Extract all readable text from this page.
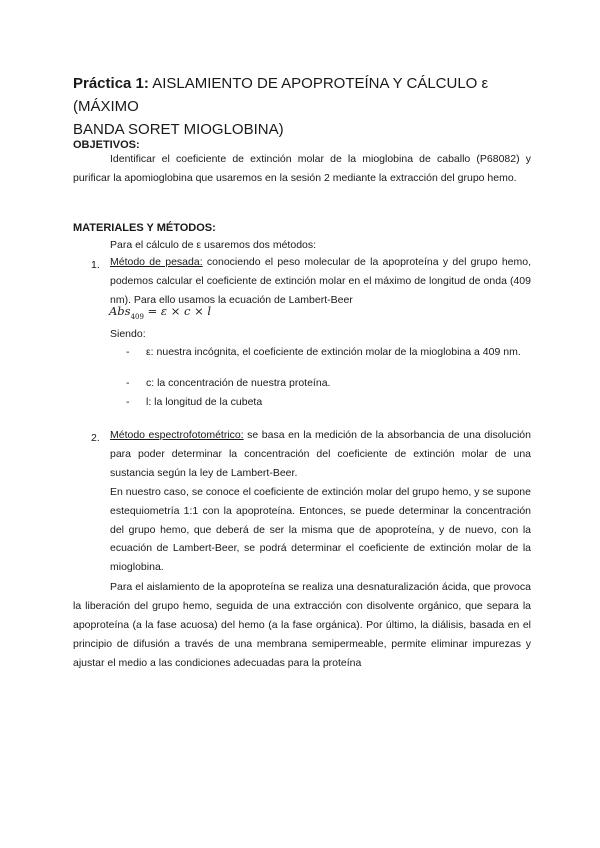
Práctica 1: AISLAMIENTO DE APOPROTEÍNA Y CÁLCULO ε (MÁXIMO
BANDA SORET MIOGLOBINA)
OBJETIVOS:
Identificar el coeficiente de extinción molar de la mioglobina de caballo (P68082) y purificar la apomioglobina que usaremos en la sesión 2 mediante la extracción del grupo hemo.
MATERIALES Y MÉTODOS:
Para el cálculo de ε usaremos dos métodos:
1. Método de pesada: conociendo el peso molecular de la apoproteína y del grupo hemo, podemos calcular el coeficiente de extinción molar en el máximo de longitud de onda (409 nm). Para ello usamos la ecuación de Lambert-Beer
Abs$_{409}$ = ε × c × l
Siendo:
- ε: nuestra incógnita, el coeficiente de extinción molar de la mioglobina a 409 nm.
- c: la concentración de nuestra proteína.
- l: la longitud de la cubeta
2. Método espectrofotométrico: se basa en la medición de la absorbancia de una disolución para poder determinar la concentración del coeficiente de extinción molar de una sustancia según la ley de Lambert-Beer.
En nuestro caso, se conoce el coeficiente de extinción molar del grupo hemo, y se supone estequiometría 1:1 con la apoproteína. Entonces, se puede determinar la concentración del grupo hemo, que deberá de ser la misma que de apoproteína, y de nuevo, con la ecuación de Lambert-Beer, se podrá determinar el coeficiente de extinción molar de la mioglobina.
Para el aislamiento de la apoproteína se realiza una desnaturalización ácida, que provoca la liberación del grupo hemo, seguida de una extracción con disolvente orgánico, que separa la apoproteína (a la fase acuosa) del hemo (a la fase orgánica). Por último, la diálisis, basada en el principio de difusión a través de una membrana semipermeable, permite eliminar impurezas y ajustar el medio a las condiciones adecuadas para la proteína
